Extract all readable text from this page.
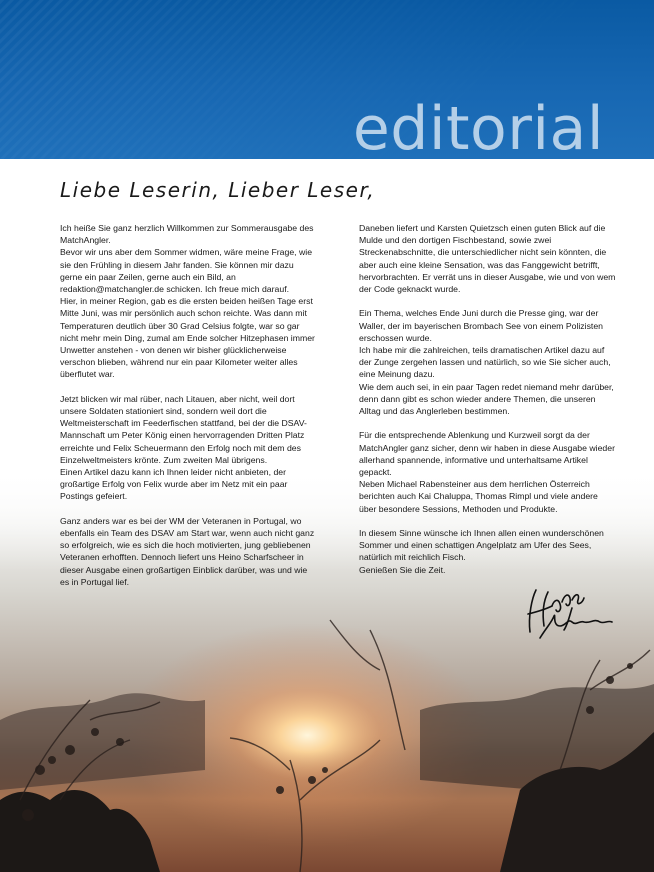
editorial
Liebe Leserin, Lieber Leser,

Ich heiße Sie ganz herzlich Willkommen zur Sommerausgabe des MatchAngler.
Bevor wir uns aber dem Sommer widmen, wäre meine Frage, wie sie den Frühling in diesem Jahr fanden. Sie können mir dazu gerne ein paar Zeilen, gerne auch ein Bild, an redaktion@matchangler.de schicken. Ich freue mich darauf.
Hier, in meiner Region, gab es die ersten beiden heißen Tage erst Mitte Juni, was mir persönlich auch schon reichte. Was dann mit Temperaturen deutlich über 30 Grad Celsius folgte, war so gar nicht mehr mein Ding, zumal am Ende solcher Hitzephasen immer Unwetter anstehen - von denen wir bisher glücklicherweise verschon blieben, während nur ein paar Kilometer weiter alles überflutet war.

Jetzt blicken wir mal rüber, nach Litauen, aber nicht, weil dort unsere Soldaten stationiert sind, sondern weil dort die Weltmeisterschaft im Feederfischen stattfand, bei der die DSAV-Mannschaft um Peter König einen hervorragenden Dritten Platz erreichte und Felix Scheuermann den Erfolg noch mit dem des Einzelweltmeisters krönte. Zum zweiten Mal übrigens.
Einen Artikel dazu kann ich Ihnen leider nicht anbieten, der großartige Erfolg von Felix wurde aber im Netz mit ein paar Postings gefeiert.

Ganz anders war es bei der WM der Veteranen in Portugal, wo ebenfalls ein Team des DSAV am Start war, wenn auch nicht ganz so erfolgreich, wie es sich die hoch motivierten, jung gebliebenen Veteranen erhofften. Dennoch liefert uns Heino Scharfscheer in dieser Ausgabe einen großartigen Einblick darüber, was und wie es in Portugal lief.

Daneben liefert und Karsten Quietzsch einen guten Blick auf die Mulde und den dortigen Fischbestand, sowie zwei Streckenabschnitte, die unterschiedlicher nicht sein könnten, die aber auch eine kleine Sensation, was das Fanggewicht betrifft, hervorbrachten. Er verrät uns in dieser Ausgabe, wie und von wem der Code geknackt wurde.

Ein Thema, welches Ende Juni durch die Presse ging, war der Waller, der im bayerischen Brombach See von einem Polizisten erschossen wurde.
Ich habe mir die zahlreichen, teils dramatischen Artikel dazu auf der Zunge zergehen lassen und natürlich, so wie Sie sicher auch, eine Meinung dazu.
Wie dem auch sei, in ein paar Tagen redet niemand mehr darüber, denn dann gibt es schon wieder andere Themen, die unseren Alltag und das Anglerleben bestimmen.

Für die entsprechende Ablenkung und Kurzweil sorgt da der MatchAngler ganz sicher, denn wir haben in diese Ausgabe wieder allerhand spannende, informative und unterhaltsame Artikel gepackt.
Neben Michael Rabensteiner aus dem herrlichen Österreich berichten auch Kai Chaluppa, Thomas Rimpl und viele andere über besondere Sessions, Methoden und Produkte.

In diesem Sinne wünsche ich Ihnen allen einen wunderschönen Sommer und einen schattigen Angelplatz am Ufer des Sees, natürlich mit reichlich Fisch.
Genießen Sie die Zeit.
